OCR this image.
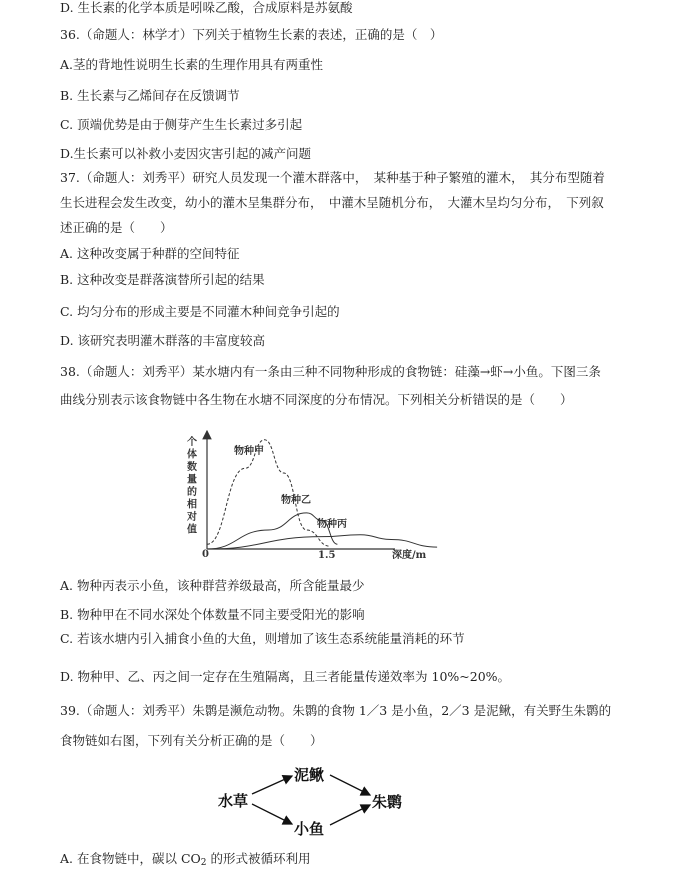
D. 生长素的化学本质是吲哚乙酸，合成原料是苏氨酸
36.（命题人：林学才）下列关于植物生长素的表述，正确的是（　）
A.茎的背地性说明生长素的生理作用具有两重性
B. 生长素与乙烯间存在反馈调节
C. 顶端优势是由于侧芽产生生长素过多引起
D.生长素可以补救小麦因灾害引起的减产问题
37.（命题人：刘秀平）研究人员发现一个灌木群落中，　某种基于种子繁殖的灌木，　其分布型随着
生长进程会发生改变，幼小的灌木呈集群分布，　中灌木呈随机分布，　大灌木呈均匀分布，　下列叙
述正确的是（　　）
A. 这种改变属于种群的空间特征
B. 这种改变是群落演替所引起的结果
C. 均匀分布的形成主要是不同灌木种间竞争引起的
D. 该研究表明灌木群落的丰富度较高
38.（命题人：刘秀平）某水塘内有一条由三种不同物种形成的食物链：硅藻→虾→小鱼。下图三条
曲线分别表示该食物链中各生物在水塘不同深度的分布情况。下列相关分析错误的是（　　）
A. 物种丙表示小鱼，该种群营养级最高，所含能量最少
B. 物种甲在不同水深处个体数量不同主要受阳光的影响
C. 若该水塘内引入捕食小鱼的大鱼，则增加了该生态系统能量消耗的环节
D. 物种甲、乙、丙之间一定存在生殖隔离，且三者能量传递效率为 10%~20%。
39.（命题人：刘秀平）朱鹮是濒危动物。朱鹮的食物 1／3 是小鱼，2／3 是泥鳅，有关野生朱鹮的
食物链如右图，下列有关分析正确的是（　　）
A. 在食物链中，碳以 $CO_2$ 的形式被循环利用
个
体
数
量
的
相
对
值
0	1.5	深度/m
物种甲
物种乙
物种丙
水草
泥鳅
小鱼
朱鹮
